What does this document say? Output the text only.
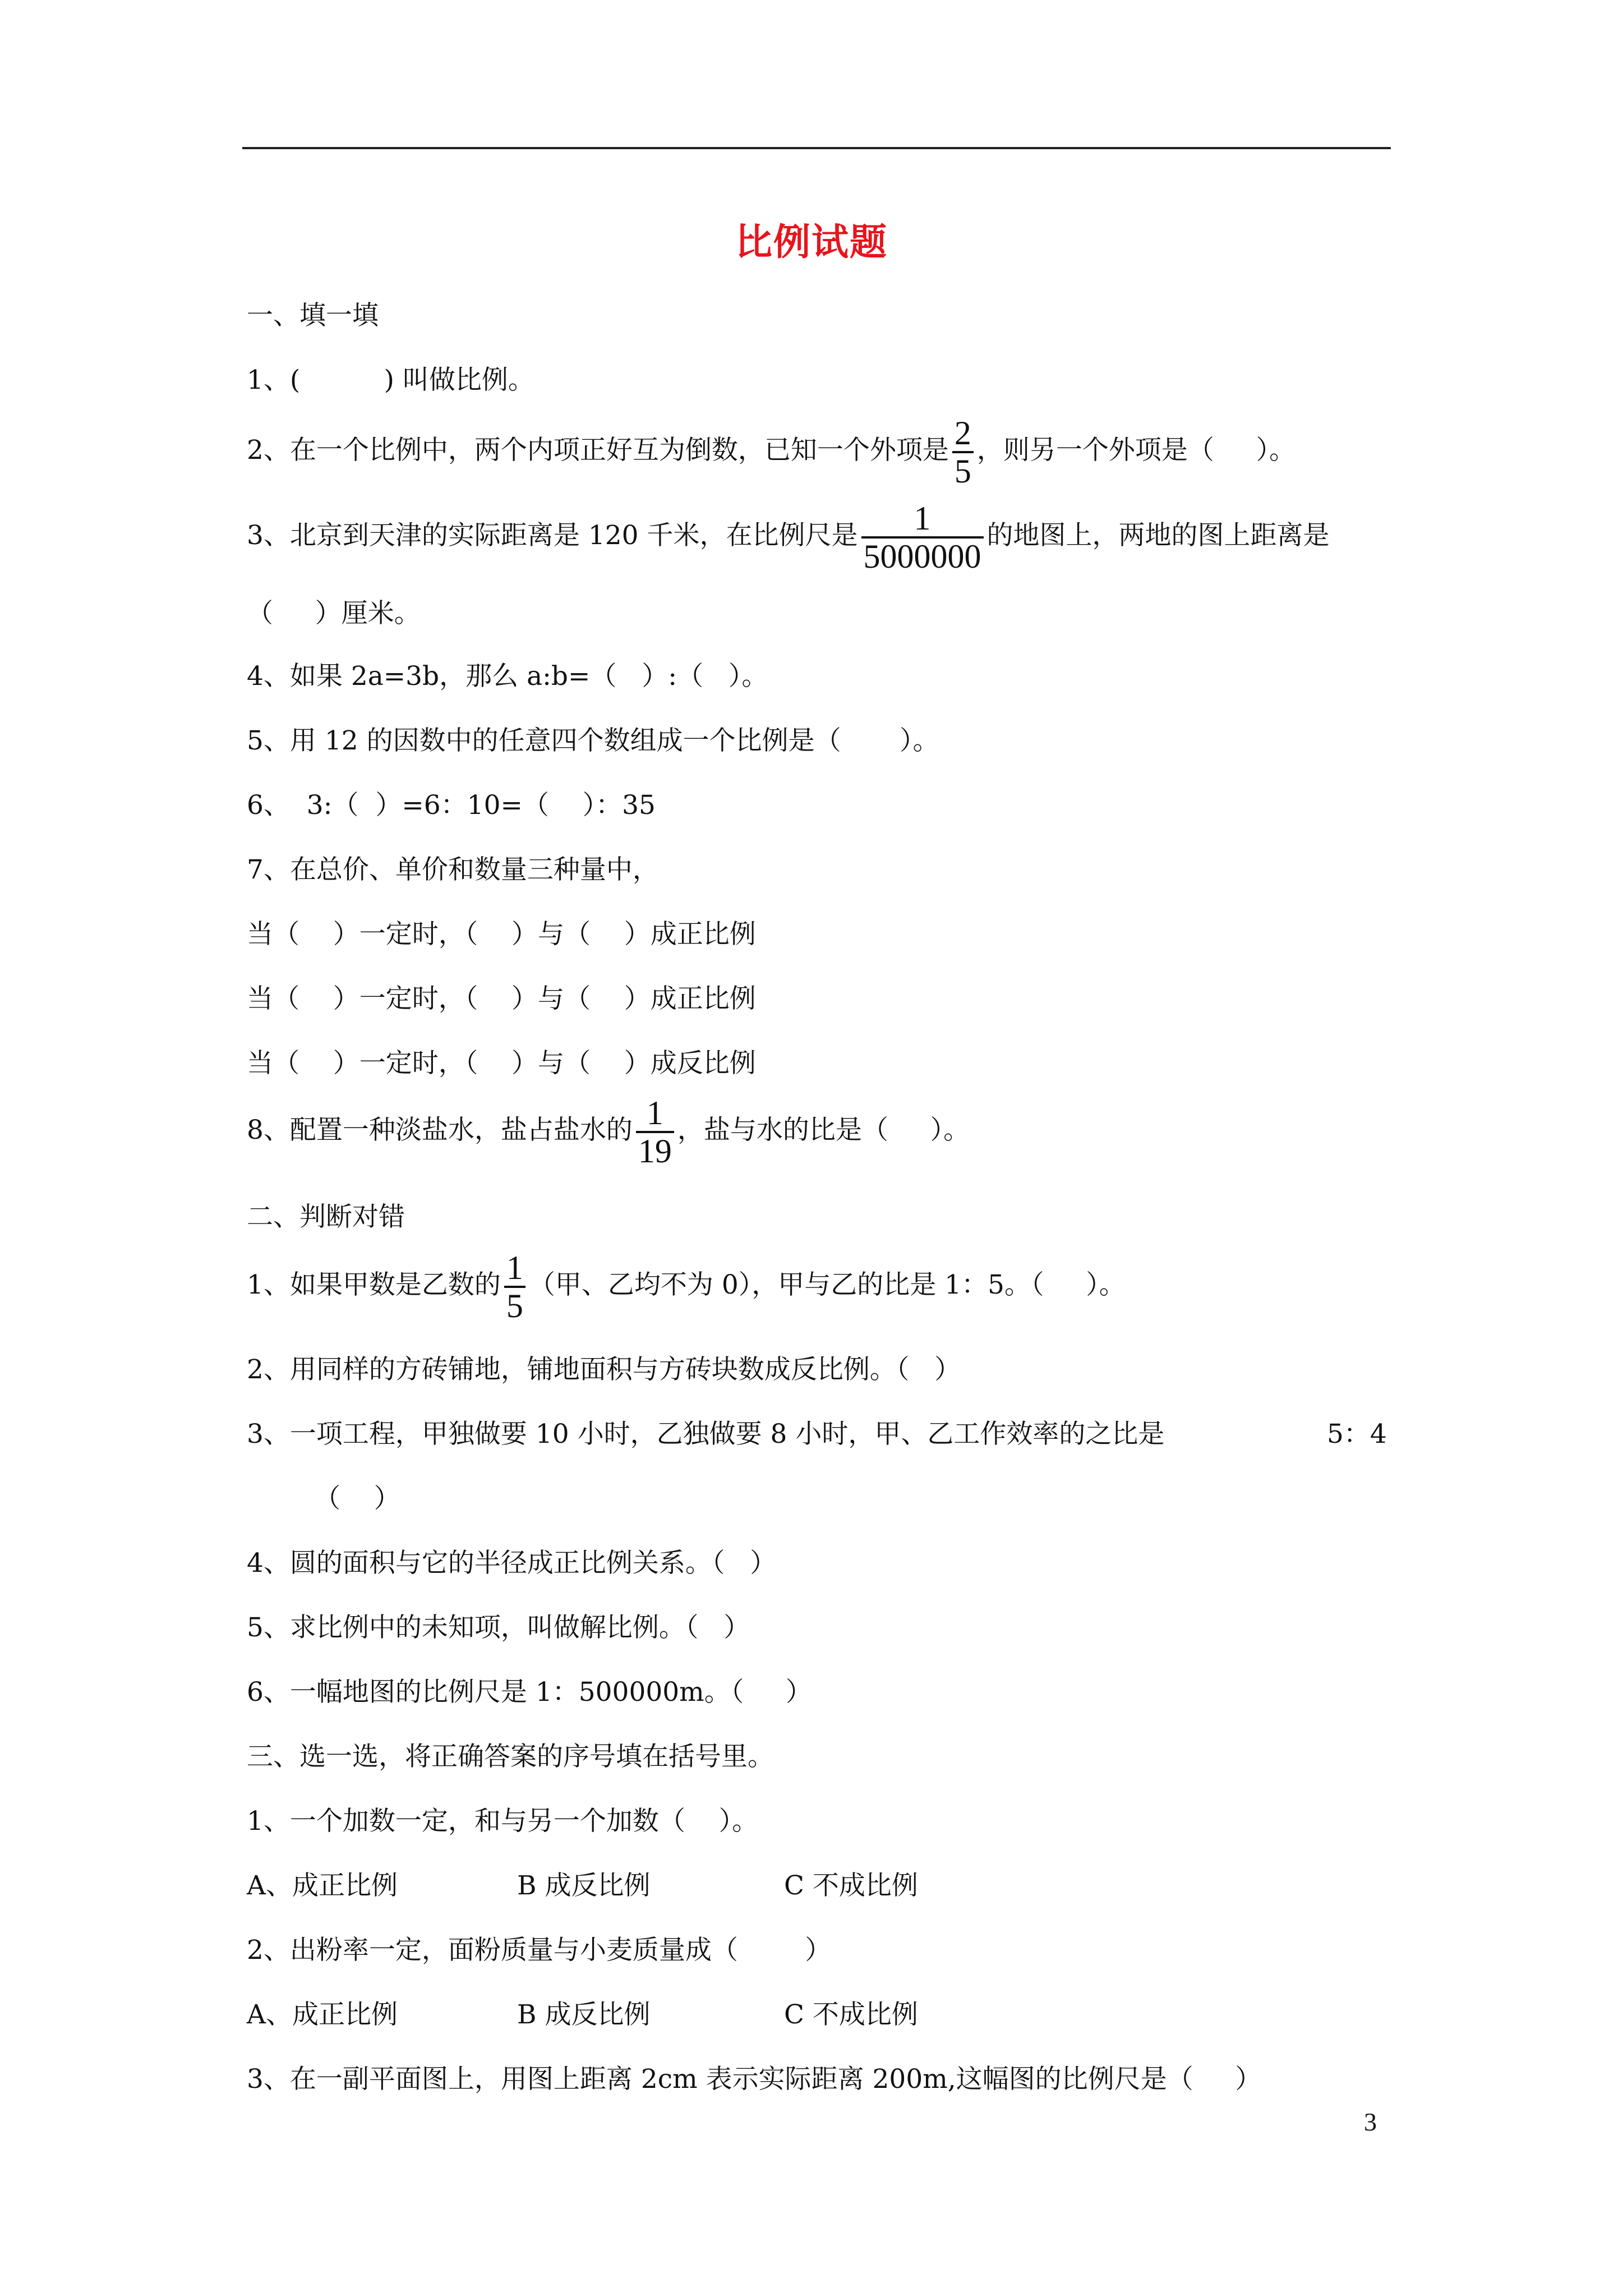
比例试题
一、填一填
1、(          ) 叫做比例。
2、在一个比例中，两个内项正好互为倒数，已知一个外项是 $\frac{2}{5}$ ，则另一个外项是（     ）。
3、北京到天津的实际距离是 120 千米，在比例尺是 $\frac{1}{5000000}$ 的地图上，两地的图上距离是
（     ）厘米。
4、如果 2a=3b，那么 a:b=（   ）:（   ）。
5、用 12 的因数中的任意四个数组成一个比例是（       ）。
6、  3:（  ）=6：10=（    ）：35
7、在总价、单价和数量三种量中，
当（    ）一定时，（    ）与（    ）成正比例
当（    ）一定时，（    ）与（    ）成正比例
当（    ）一定时，（    ）与（    ）成反比例
8、配置一种淡盐水，盐占盐水的 $\frac{1}{19}$ ，盐与水的比是（     ）。
二、判断对错
1、如果甲数是乙数的 $\frac{1}{5}$ （甲、乙均不为 0），甲与乙的比是 1：5。（     ）。
2、用同样的方砖铺地，铺地面积与方砖块数成反比例。（   ）
3、一项工程，甲独做要 10 小时，乙独做要 8 小时，甲、乙工作效率的之比是	5：4
（    ）
4、圆的面积与它的半径成正比例关系。（   ）
5、求比例中的未知项，叫做解比例。（   ）
6、一幅地图的比例尺是 1：500000m。（     ）
三、选一选，将正确答案的序号填在括号里。
1、一个加数一定，和与另一个加数（    ）。
A、成正比例	B 成反比例	C 不成比例
2、出粉率一定，面粉质量与小麦质量成（        ）
A、成正比例	B 成反比例	C 不成比例
3、在一副平面图上，用图上距离 2cm 表示实际距离 200m,这幅图的比例尺是（     ）
3
